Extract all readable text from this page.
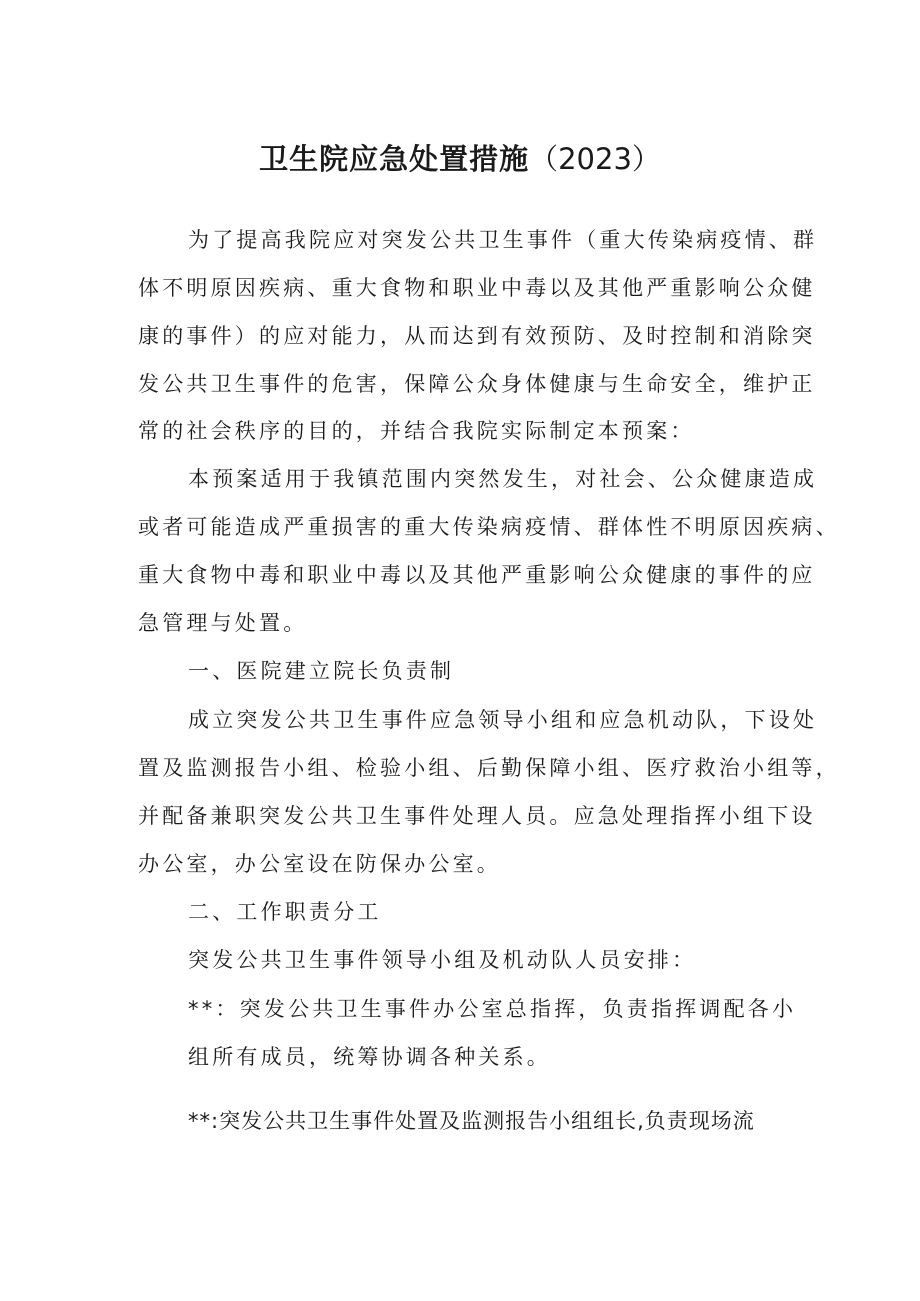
卫生院应急处置措施（2023）

为了提高我院应对突发公共卫生事件（重大传染病疫情、群

体不明原因疾病、重大食物和职业中毒以及其他严重影响公众健

康的事件）的应对能力，从而达到有效预防、及时控制和消除突

发公共卫生事件的危害，保障公众身体健康与生命安全，维护正

常的社会秩序的目的，并结合我院实际制定本预案：

本预案适用于我镇范围内突然发生，对社会、公众健康造成

或者可能造成严重损害的重大传染病疫情、群体性不明原因疾病、

重大食物中毒和职业中毒以及其他严重影响公众健康的事件的应

急管理与处置。

一、医院建立院长负责制

成立突发公共卫生事件应急领导小组和应急机动队，下设处

置及监测报告小组、检验小组、后勤保障小组、医疗救治小组等，

并配备兼职突发公共卫生事件处理人员。应急处理指挥小组下设

办公室，办公室设在防保办公室。

二、工作职责分工

突发公共卫生事件领导小组及机动队人员安排：

**：突发公共卫生事件办公室总指挥，负责指挥调配各小

组所有成员，统筹协调各种关系。

**:突发公共卫生事件处置及监测报告小组组长,负责现场流
